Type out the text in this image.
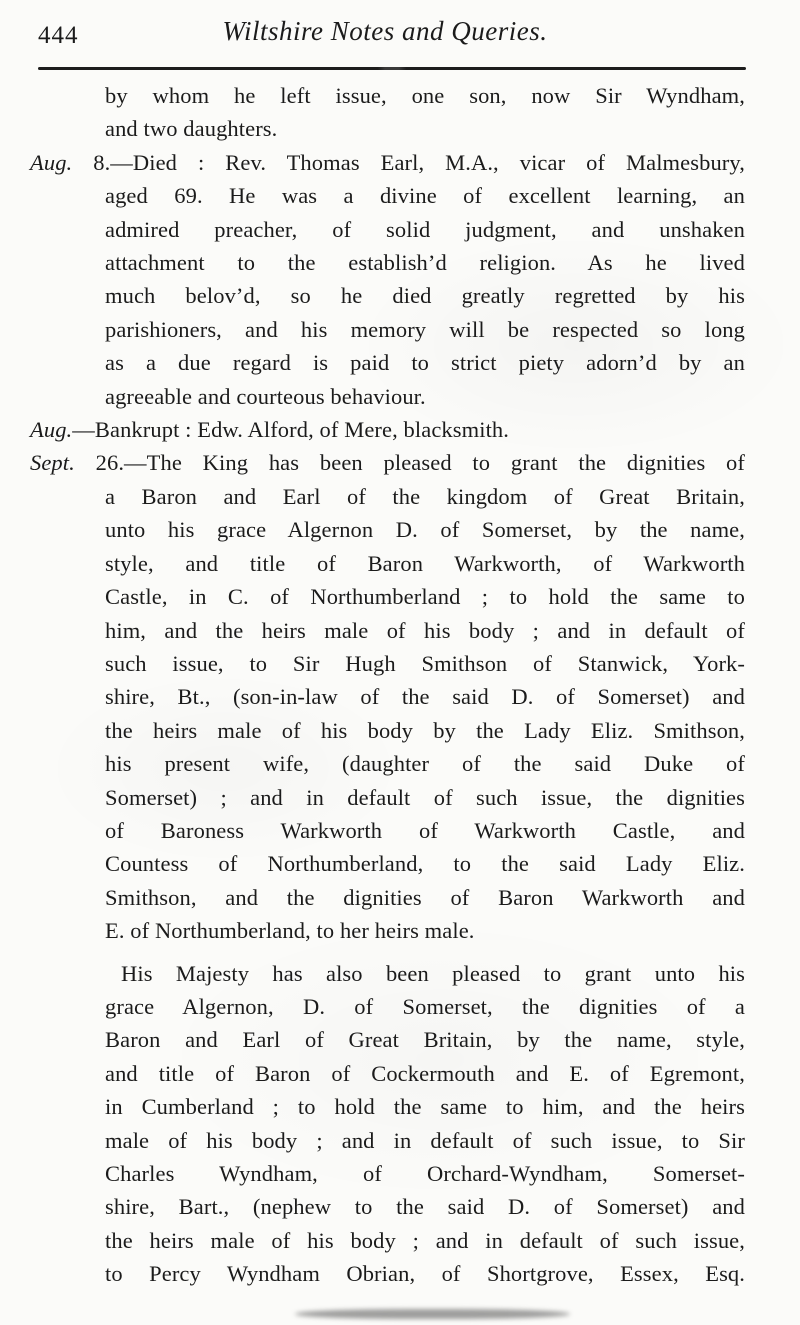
444	Wiltshire Notes and Queries.
by whom he left issue, one son, now Sir Wyndham,
and two daughters.
Aug. 8.—Died : Rev. Thomas Earl, M.A., vicar of Malmesbury,
aged 69. He was a divine of excellent learning, an
admired preacher, of solid judgment, and unshaken
attachment to the establish’d religion. As he lived
much belov’d, so he died greatly regretted by his
parishioners, and his memory will be respected so long
as a due regard is paid to strict piety adorn’d by an
agreeable and courteous behaviour.
Aug.—Bankrupt : Edw. Alford, of Mere, blacksmith.
Sept. 26.—The King has been pleased to grant the dignities of
a Baron and Earl of the kingdom of Great Britain,
unto his grace Algernon D. of Somerset, by the name,
style, and title of Baron Warkworth, of Warkworth
Castle, in C. of Northumberland ; to hold the same to
him, and the heirs male of his body ; and in default of
such issue, to Sir Hugh Smithson of Stanwick, York-
shire, Bt., (son-in-law of the said D. of Somerset) and
the heirs male of his body by the Lady Eliz. Smithson,
his present wife, (daughter of the said Duke of
Somerset) ; and in default of such issue, the dignities
of Baroness Warkworth of Warkworth Castle, and
Countess of Northumberland, to the said Lady Eliz.
Smithson, and the dignities of Baron Warkworth and
E. of Northumberland, to her heirs male.
His Majesty has also been pleased to grant unto his
grace Algernon, D. of Somerset, the dignities of a
Baron and Earl of Great Britain, by the name, style,
and title of Baron of Cockermouth and E. of Egremont,
in Cumberland ; to hold the same to him, and the heirs
male of his body ; and in default of such issue, to Sir
Charles Wyndham, of Orchard-Wyndham, Somerset-
shire, Bart., (nephew to the said D. of Somerset) and
the heirs male of his body ; and in default of such issue,
to Percy Wyndham Obrian, of Shortgrove, Essex, Esq.
